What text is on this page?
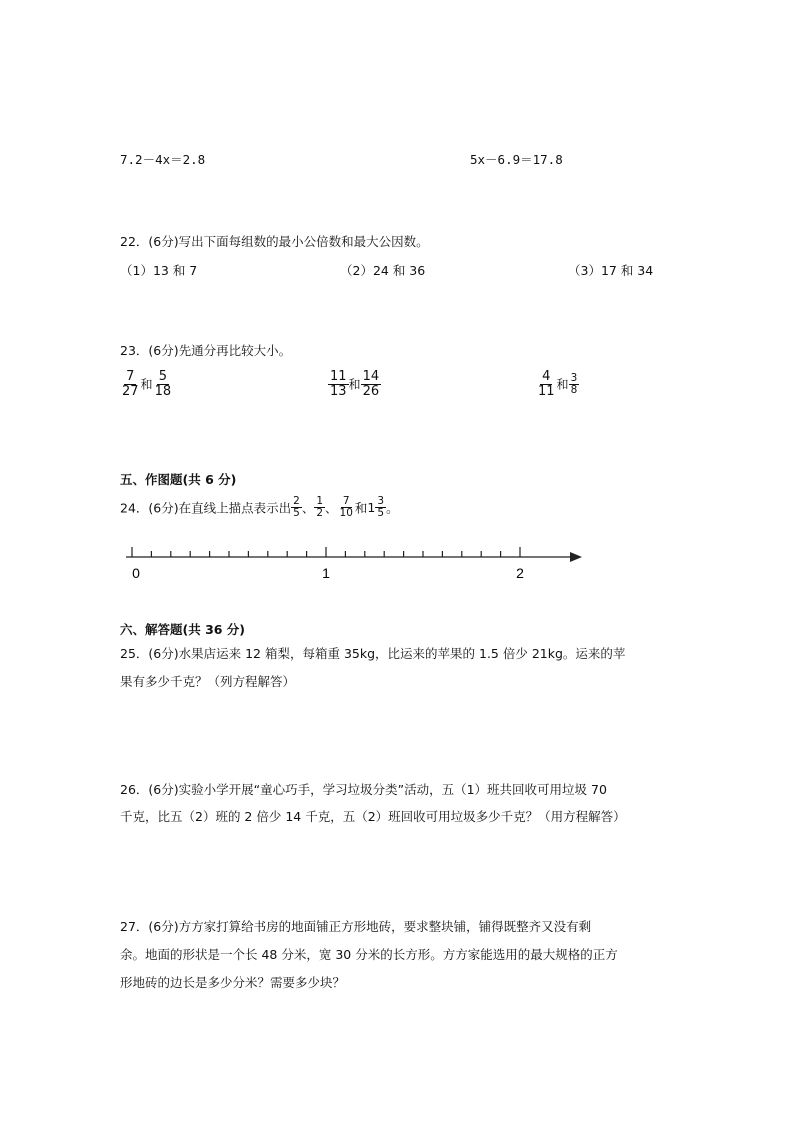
7.2－4x＝2.8	5x－6.9＝17.8
22．(6分)写出下面每组数的最小公倍数和最大公因数。
（1）13 和 7	（2）24 和 36	（3）17 和 34
23．(6分)先通分再比较大小。
$\frac{7}{27}$ 和 $\frac{5}{18}$	$\frac{11}{13}$ 和 $\frac{14}{26}$	$\frac{4}{11}$ 和 $\frac{3}{8}$
五、作图题(共 6 分)
24．(6分)在直线上描点表示出 $\frac{2}{5}$ 、 $\frac{1}{2}$ 、 $\frac{7}{10}$ 和$1 \frac{3}{5}$ 。
0	1	2
六、解答题(共 36 分)
25．(6分)水果店运来 12 箱梨，每箱重 35kg，比运来的苹果的 1.5 倍少 21kg。运来的苹
果有多少千克？（列方程解答）
26．(6分)实验小学开展“童心巧手，学习垃圾分类”活动，五（1）班共回收可用垃圾 70
千克，比五（2）班的 2 倍少 14 千克，五（2）班回收可用垃圾多少千克？（用方程解答）
27．(6分)方方家打算给书房的地面铺正方形地砖，要求整块铺，铺得既整齐又没有剩
余。地面的形状是一个长 48 分米，宽 30 分米的长方形。方方家能选用的最大规格的正方
形地砖的边长是多少分米？需要多少块？
